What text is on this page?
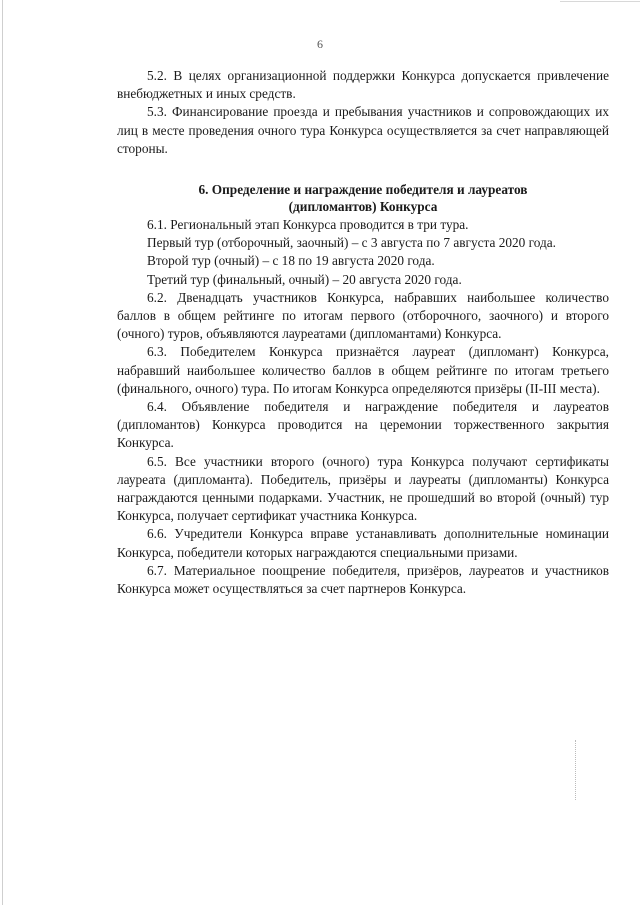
6

5.2. В целях организационной поддержки Конкурса допускается привлечение внебюджетных и иных средств.

5.3. Финансирование проезда и пребывания участников и сопровождающих их лиц в месте проведения очного тура Конкурса осуществляется за счет направляющей стороны.

6. Определение и награждение победителя и лауреатов
(дипломантов) Конкурса

6.1. Региональный этап Конкурса проводится в три тура.

Первый тур (отборочный, заочный) – с 3 августа по 7 августа 2020 года.

Второй тур (очный) – с 18 по 19 августа 2020 года.

Третий тур (финальный, очный) – 20 августа 2020 года.

6.2. Двенадцать участников Конкурса, набравших наибольшее количество баллов в общем рейтинге по итогам первого (отборочного, заочного) и второго (очного) туров, объявляются лауреатами (дипломантами) Конкурса.

6.3. Победителем Конкурса признаётся лауреат (дипломант) Конкурса, набравший наибольшее количество баллов в общем рейтинге по итогам третьего (финального, очного) тура. По итогам Конкурса определяются призёры (II-III места).

6.4. Объявление победителя и награждение победителя и лауреатов (дипломантов) Конкурса проводится на церемонии торжественного закрытия Конкурса.

6.5. Все участники второго (очного) тура Конкурса получают сертификаты лауреата (дипломанта). Победитель, призёры и лауреаты (дипломанты) Конкурса награждаются ценными подарками. Участник, не прошедший во второй (очный) тур Конкурса, получает сертификат участника Конкурса.

6.6. Учредители Конкурса вправе устанавливать дополнительные номинации Конкурса, победители которых награждаются специальными призами.

6.7. Материальное поощрение победителя, призёров, лауреатов и участников Конкурса может осуществляться за счет партнеров Конкурса.
